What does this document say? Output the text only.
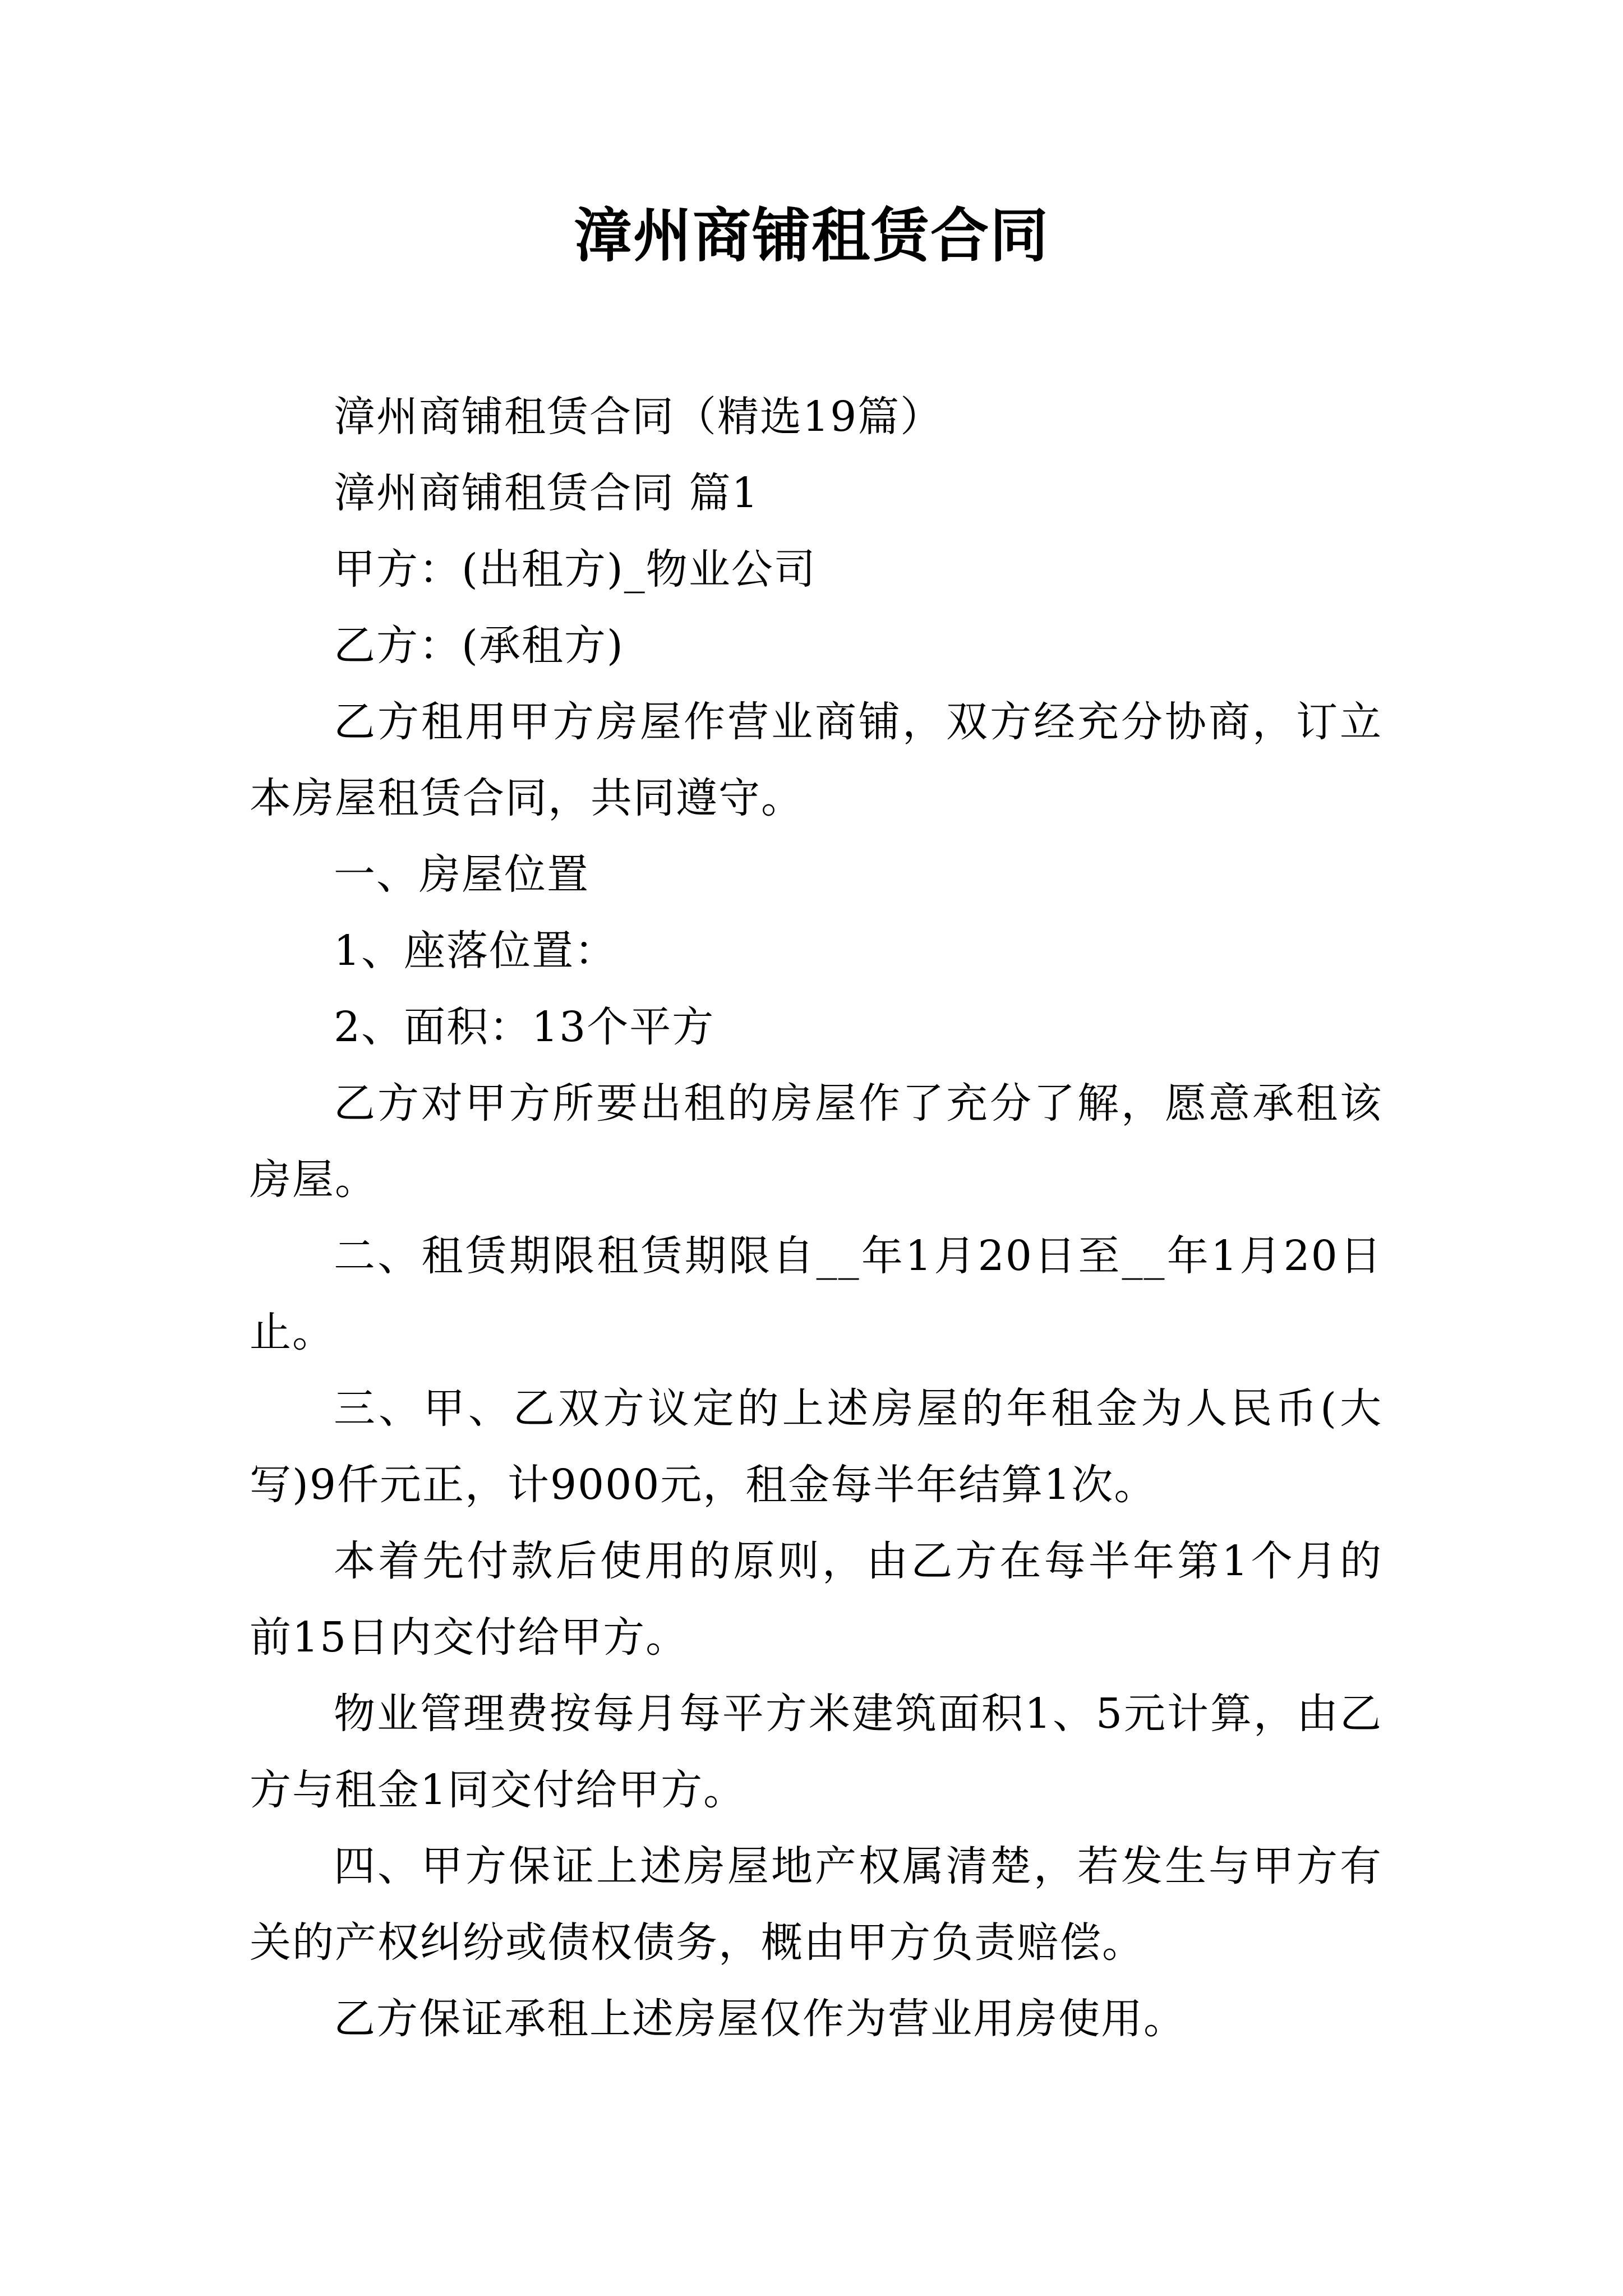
漳州商铺租赁合同

漳州商铺租赁合同（精选19篇）

漳州商铺租赁合同 篇1

甲方：(出租方)_物业公司

乙方：(承租方)

乙方租用甲方房屋作营业商铺，双方经充分协商，订立本房屋租赁合同，共同遵守。

一、房屋位置

1、座落位置：

2、面积：13个平方

乙方对甲方所要出租的房屋作了充分了解，愿意承租该房屋。

二、租赁期限租赁期限自__年1月20日至__年1月20日止。

三、甲、乙双方议定的上述房屋的年租金为人民币(大写)9仟元正，计9000元，租金每半年结算1次。

本着先付款后使用的原则，由乙方在每半年第1个月的前15日内交付给甲方。

物业管理费按每月每平方米建筑面积1、5元计算，由乙方与租金1同交付给甲方。

四、甲方保证上述房屋地产权属清楚，若发生与甲方有关的产权纠纷或债权债务，概由甲方负责赔偿。

乙方保证承租上述房屋仅作为营业用房使用。
